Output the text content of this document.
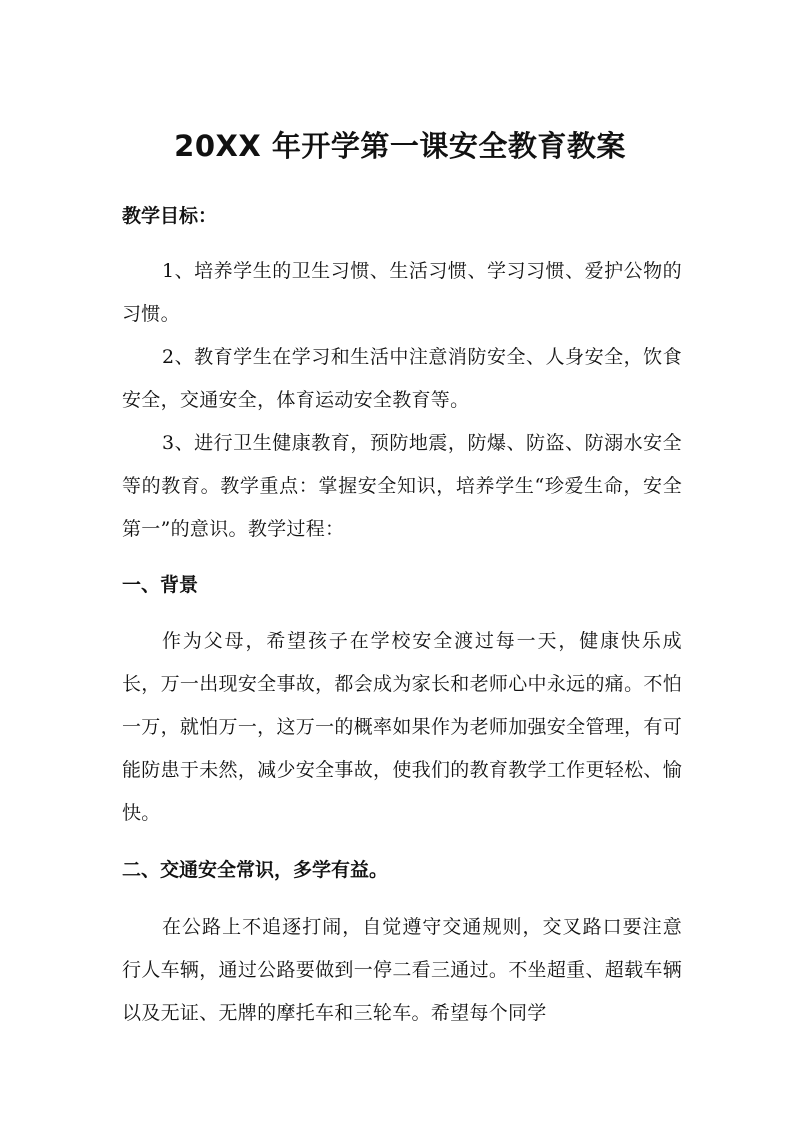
20XX 年开学第一课安全教育教案
教学目标：
1、培养学生的卫生习惯、生活习惯、学习习惯、爱护公物的习惯。
2、教育学生在学习和生活中注意消防安全、人身安全，饮食安全，交通安全，体育运动安全教育等。
3、进行卫生健康教育，预防地震，防爆、防盗、防溺水安全等的教育。教学重点：掌握安全知识，培养学生“珍爱生命，安全第一”的意识。教学过程：
一、背景
作为父母，希望孩子在学校安全渡过每一天，健康快乐成长，万一出现安全事故，都会成为家长和老师心中永远的痛。不怕一万，就怕万一，这万一的概率如果作为老师加强安全管理，有可能防患于未然，减少安全事故，使我们的教育教学工作更轻松、愉快。
二、交通安全常识，多学有益。
在公路上不追逐打闹，自觉遵守交通规则，交叉路口要注意行人车辆，通过公路要做到一停二看三通过。不坐超重、超载车辆以及无证、无牌的摩托车和三轮车。希望每个同学
